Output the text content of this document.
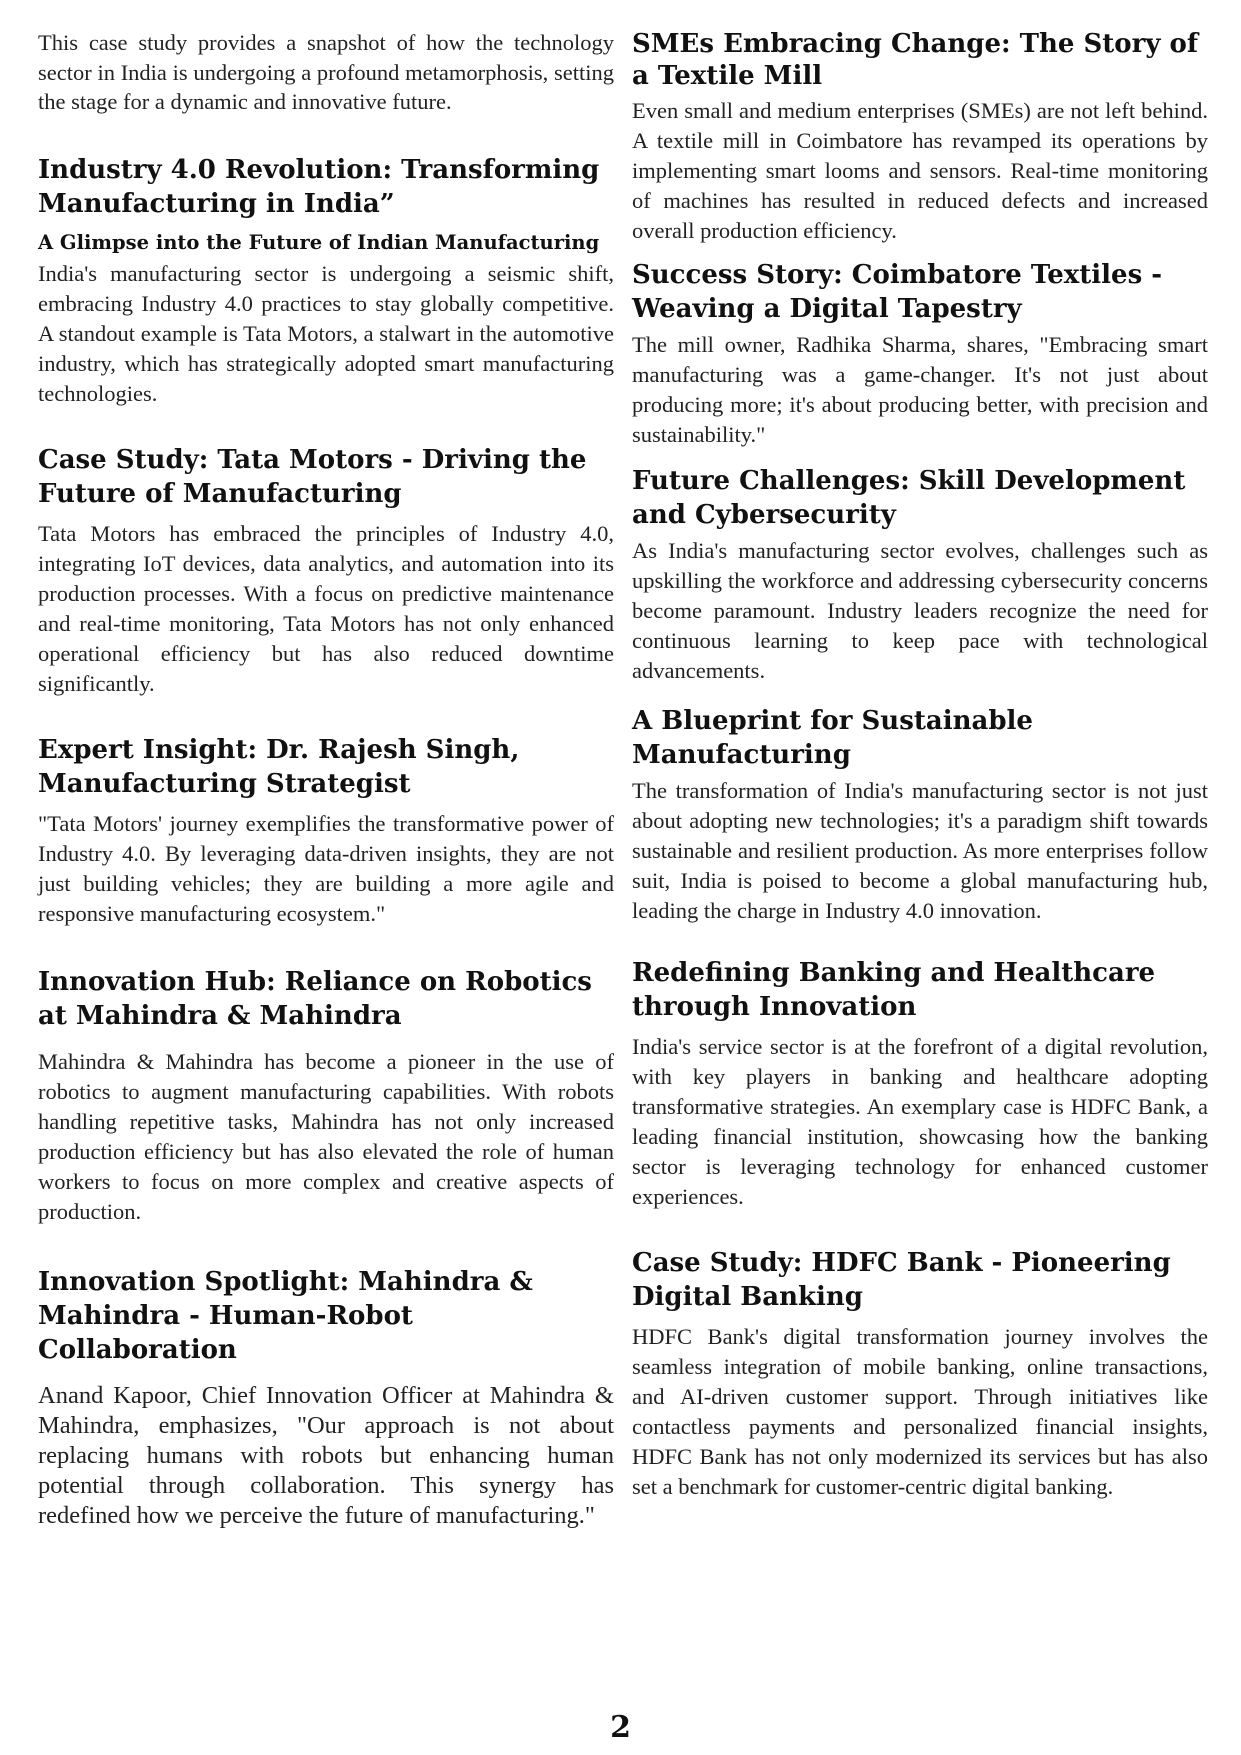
This case study provides a snapshot of how the technology sector in India is undergoing a profound metamorphosis, setting the stage for a dynamic and innovative future.

Industry 4.0 Revolution: Transforming Manufacturing in India”
A Glimpse into the Future of Indian Manufacturing

India's manufacturing sector is undergoing a seismic shift, embracing Industry 4.0 practices to stay globally competitive. A standout example is Tata Motors, a stalwart in the automotive industry, which has strategically adopted smart manufacturing technologies.

Case Study: Tata Motors - Driving the Future of Manufacturing

Tata Motors has embraced the principles of Industry 4.0, integrating IoT devices, data analytics, and automation into its production processes. With a focus on predictive maintenance and real-time monitoring, Tata Motors has not only enhanced operational efficiency but has also reduced downtime significantly.

Expert Insight: Dr. Rajesh Singh, Manufacturing Strategist

"Tata Motors' journey exemplifies the transformative power of Industry 4.0. By leveraging data-driven insights, they are not just building vehicles; they are building a more agile and responsive manufacturing ecosystem."

Innovation Hub: Reliance on Robotics at Mahindra & Mahindra

Mahindra & Mahindra has become a pioneer in the use of robotics to augment manufacturing capabilities. With robots handling repetitive tasks, Mahindra has not only increased production efficiency but has also elevated the role of human workers to focus on more complex and creative aspects of production.

Innovation Spotlight: Mahindra & Mahindra - Human-Robot Collaboration

Anand Kapoor, Chief Innovation Officer at Mahindra & Mahindra, emphasizes, "Our approach is not about replacing humans with robots but enhancing human potential through collaboration. This synergy has redefined how we perceive the future of manufacturing."

SMEs Embracing Change: The Story of a Textile Mill

Even small and medium enterprises (SMEs) are not left behind. A textile mill in Coimbatore has revamped its operations by implementing smart looms and sensors. Real-time monitoring of machines has resulted in reduced defects and increased overall production efficiency.

Success Story: Coimbatore Textiles - Weaving a Digital Tapestry

The mill owner, Radhika Sharma, shares, "Embracing smart manufacturing was a game-changer. It's not just about producing more; it's about producing better, with precision and sustainability."

Future Challenges: Skill Development and Cybersecurity

As India's manufacturing sector evolves, challenges such as upskilling the workforce and addressing cybersecurity concerns become paramount. Industry leaders recognize the need for continuous learning to keep pace with technological advancements.

A Blueprint for Sustainable Manufacturing

The transformation of India's manufacturing sector is not just about adopting new technologies; it's a paradigm shift towards sustainable and resilient production. As more enterprises follow suit, India is poised to become a global manufacturing hub, leading the charge in Industry 4.0 innovation.

Redefining Banking and Healthcare through Innovation

India's service sector is at the forefront of a digital revolution, with key players in banking and healthcare adopting transformative strategies. An exemplary case is HDFC Bank, a leading financial institution, showcasing how the banking sector is leveraging technology for enhanced customer experiences.

Case Study: HDFC Bank - Pioneering Digital Banking

HDFC Bank's digital transformation journey involves the seamless integration of mobile banking, online transactions, and AI-driven customer support. Through initiatives like contactless payments and personalized financial insights, HDFC Bank has not only modernized its services but has also set a benchmark for customer-centric digital banking.

2
